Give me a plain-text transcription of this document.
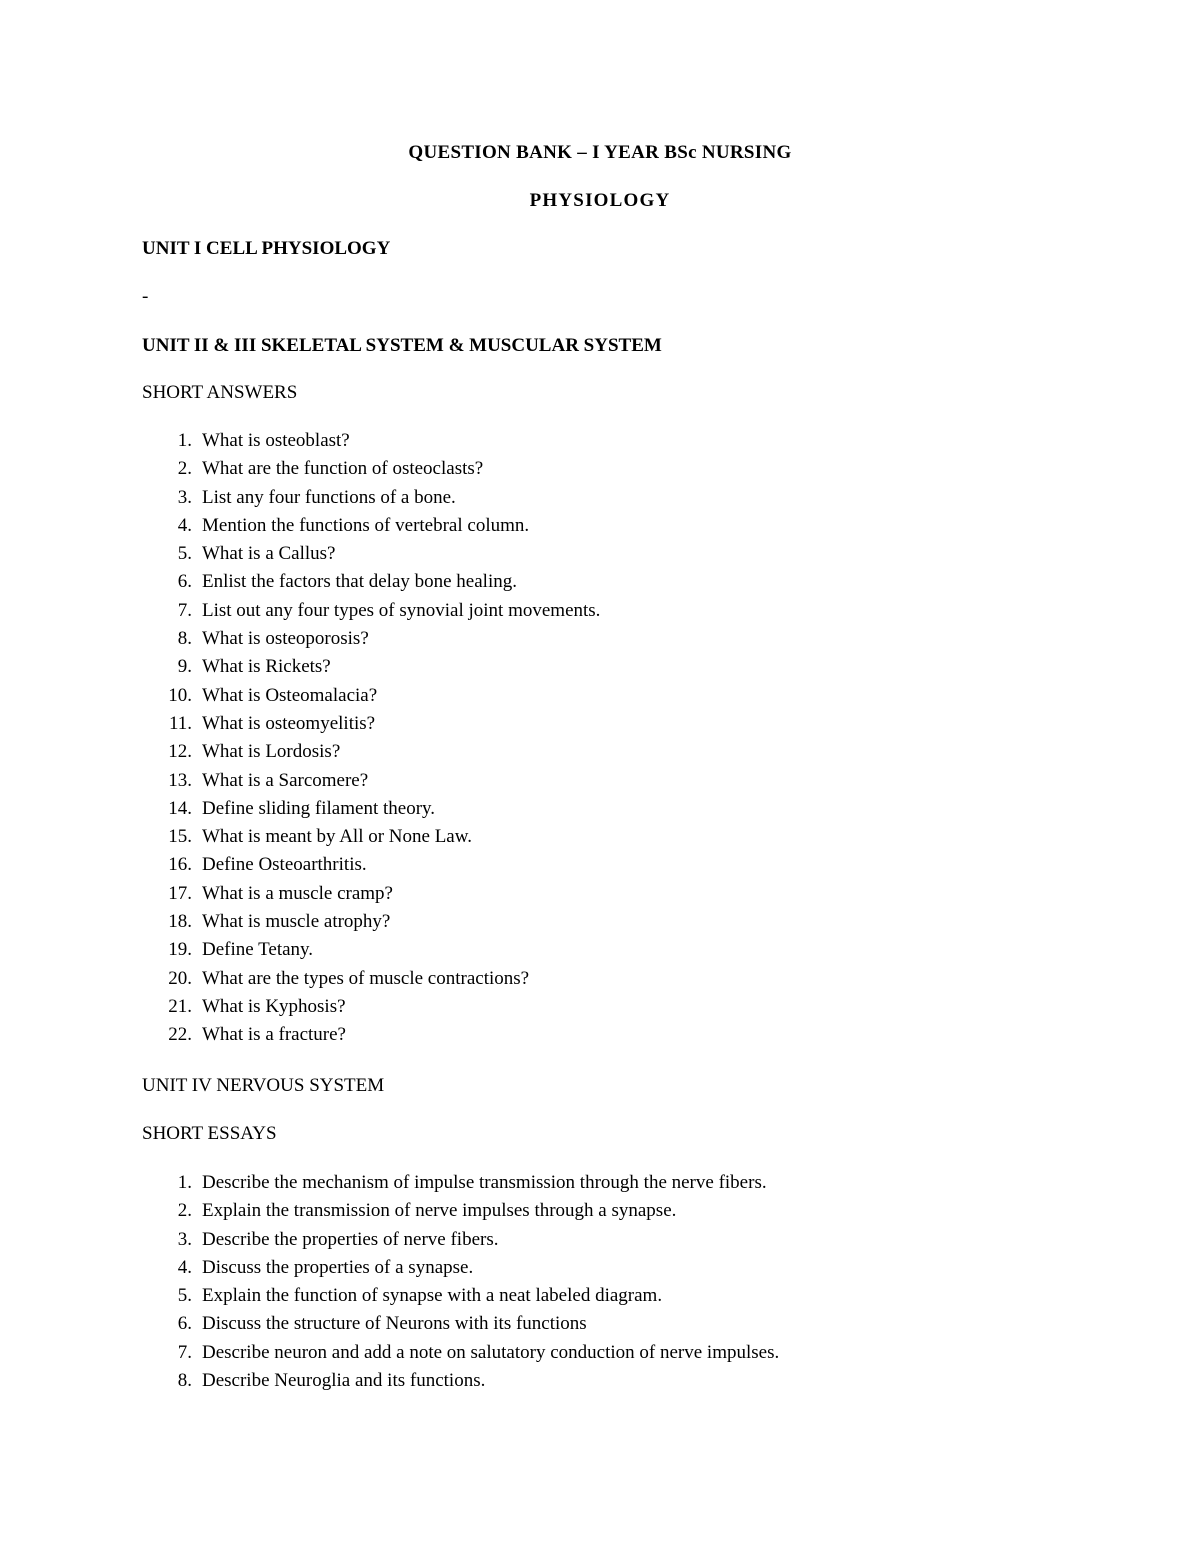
QUESTION BANK – I YEAR BSc NURSING
PHYSIOLOGY
UNIT I CELL PHYSIOLOGY
-
UNIT II & III SKELETAL SYSTEM & MUSCULAR SYSTEM
SHORT ANSWERS
1. What is osteoblast?
2. What are the function of osteoclasts?
3. List any four functions of a bone.
4. Mention the functions of vertebral column.
5. What is a Callus?
6. Enlist the factors that delay bone healing.
7. List out any four types of synovial joint movements.
8. What is osteoporosis?
9. What is Rickets?
10. What is Osteomalacia?
11. What is osteomyelitis?
12.What is Lordosis?
13. What is a Sarcomere?
14. Define sliding filament theory.
15. What is meant by All or None Law.
16. Define Osteoarthritis.
17. What is a muscle cramp?
18. What is muscle atrophy?
19. Define Tetany.
20. What are the types of muscle contractions?
21. What is Kyphosis?
22. What is a fracture?
UNIT IV NERVOUS SYSTEM
SHORT ESSAYS
1. Describe the mechanism of impulse transmission through the nerve fibers.
2. Explain the transmission of nerve impulses through a synapse.
3. Describe the properties of nerve fibers.
4. Discuss the properties of a synapse.
5. Explain the function of synapse with a neat labeled diagram.
6. Discuss the structure of Neurons with its functions
7. Describe neuron and add a note on salutatory conduction of nerve impulses.
8. Describe Neuroglia and its functions.
